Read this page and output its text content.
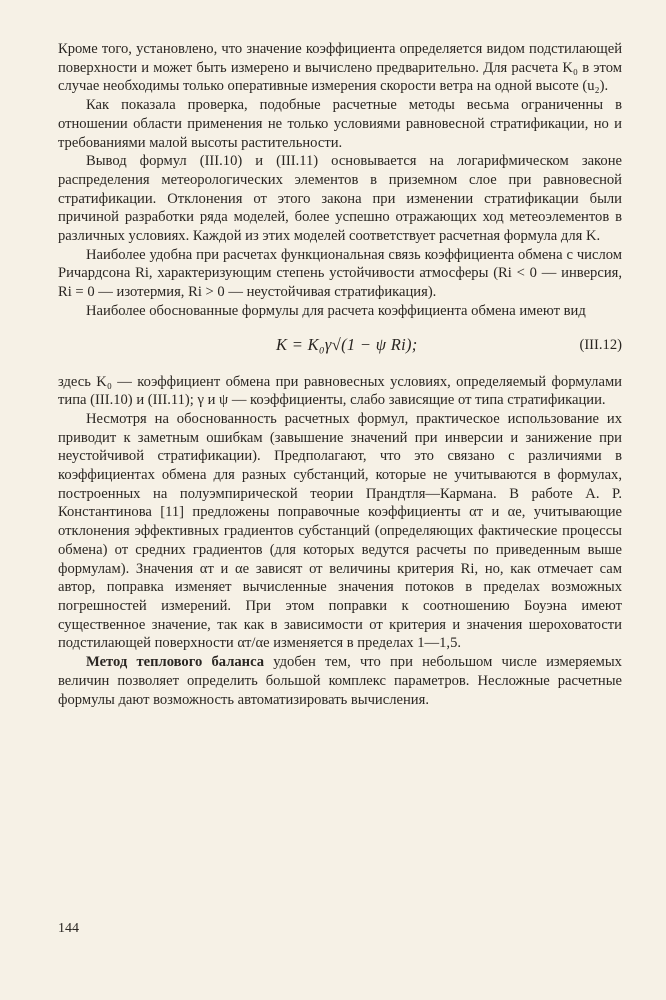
Кроме того, установлено, что значение коэффициента определяется видом подстилающей поверхности и может быть измерено и вычислено предварительно. Для расчета K₀ в этом случае необходимы только оперативные измерения скорости ветра на одной высоте (u₂).

Как показала проверка, подобные расчетные методы весьма ограниченны в отношении области применения не только условиями равновесной стратификации, но и требованиями малой высоты растительности.

Вывод формул (III.10) и (III.11) основывается на логарифмическом законе распределения метеорологических элементов в приземном слое при равновесной стратификации. Отклонения от этого закона при изменении стратификации были причиной разработки ряда моделей, более успешно отражающих ход метеоэлементов в различных условиях. Каждой из этих моделей соответствует расчетная формула для K.

Наиболее удобна при расчетах функциональная связь коэффициента обмена с числом Ричардсона Ri, характеризующим степень устойчивости атмосферы (Ri < 0 — инверсия, Ri = 0 — изотермия, Ri > 0 — неустойчивая стратификация).

Наиболее обоснованные формулы для расчета коэффициента обмена имеют вид

K = K₀γ√(1 − ψ Ri);	(III.12)

здесь K₀ — коэффициент обмена при равновесных условиях, определяемый формулами типа (III.10) и (III.11); γ и ψ — коэффициенты, слабо зависящие от типа стратификации.

Несмотря на обоснованность расчетных формул, практическое использование их приводит к заметным ошибкам (завышение значений при инверсии и занижение при неустойчивой стратификации). Предполагают, что это связано с различиями в коэффициентах обмена для разных субстанций, которые не учитываются в формулах, построенных на полуэмпирической теории Прандтля—Кармана. В работе А. Р. Константинова [11] предложены поправочные коэффициенты αт и αе, учитывающие отклонения эффективных градиентов субстанций (определяющих фактические процессы обмена) от средних градиентов (для которых ведутся расчеты по приведенным выше формулам). Значения αт и αе зависят от величины критерия Ri, но, как отмечает сам автор, поправка изменяет вычисленные значения потоков в пределах возможных погрешностей измерений. При этом поправки к соотношению Боуэна имеют существенное значение, так как в зависимости от критерия и значения шероховатости подстилающей поверхности αт/αе изменяется в пределах 1—1,5.

Метод теплового баланса удобен тем, что при небольшом числе измеряемых величин позволяет определить большой комплекс параметров. Несложные расчетные формулы дают возможность автоматизировать вычисления.

144
